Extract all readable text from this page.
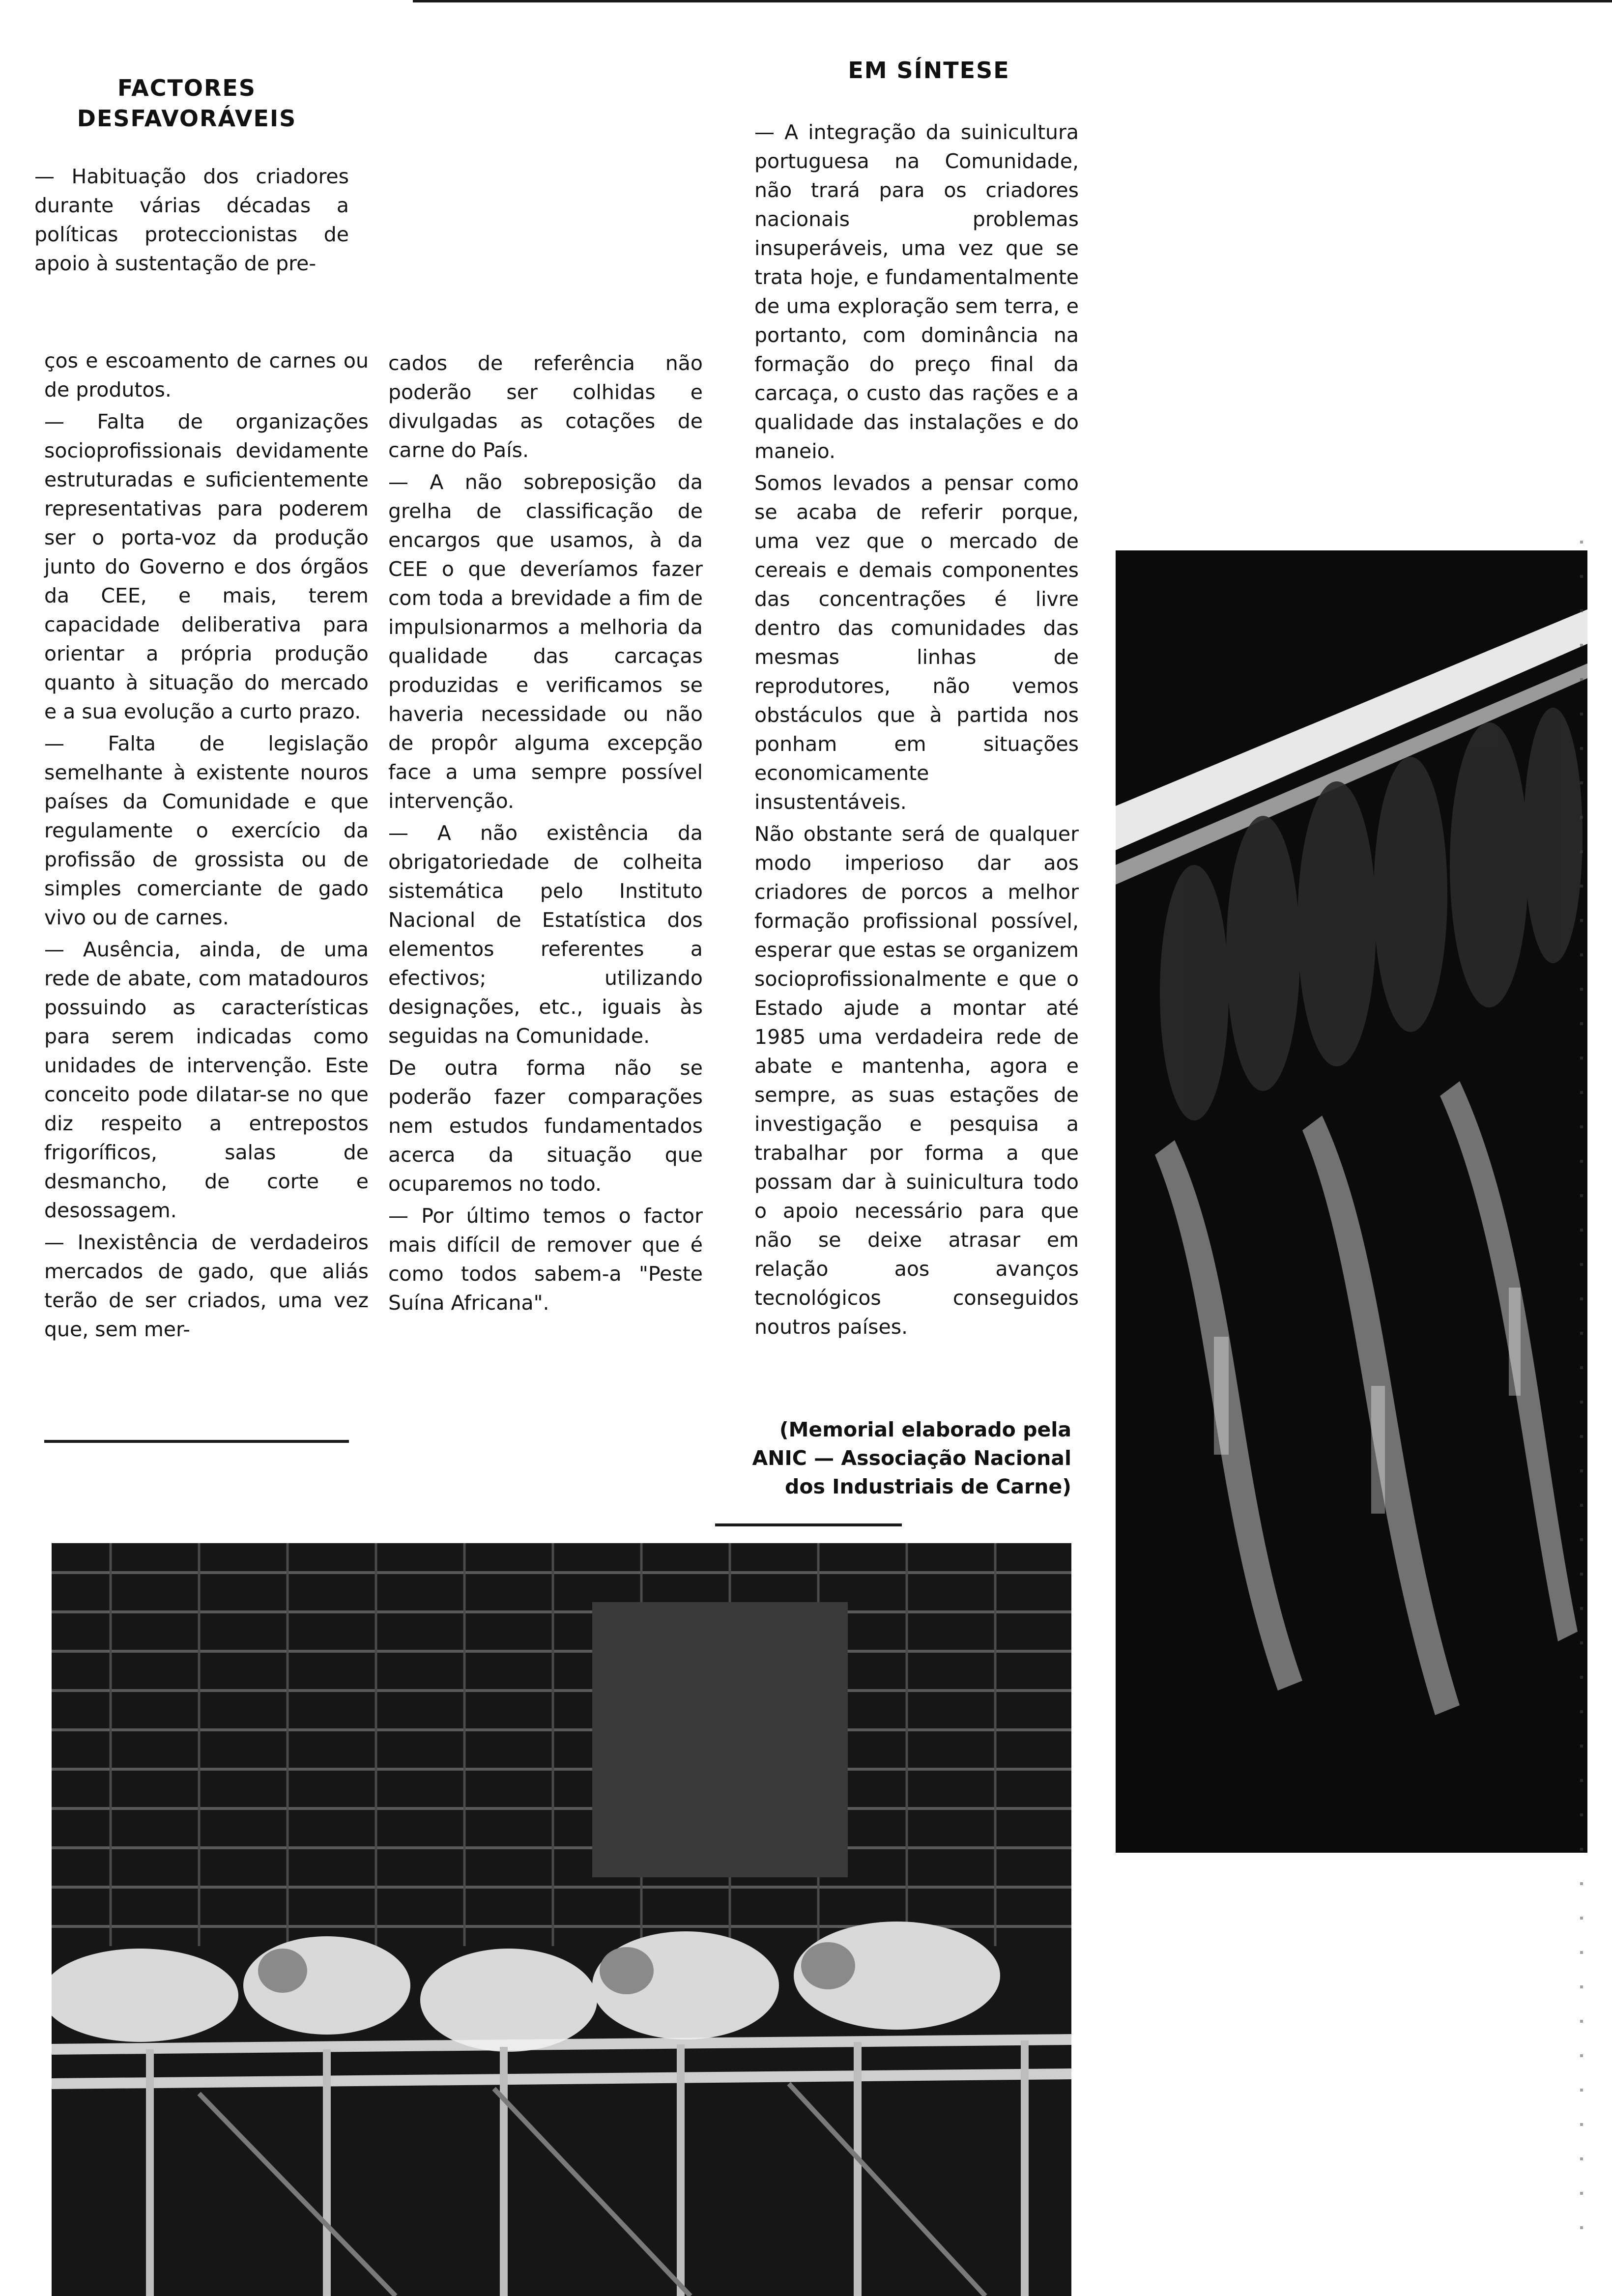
FACTORES
DESFAVORÁVEIS

— Habituação dos criadores durante várias décadas a políticas proteccionistas de apoio à sustentação de pre-

ços e escoamento de carnes ou de produtos.

— Falta de organizações socioprofissionais devidamente estruturadas e suficientemente representativas para poderem ser o porta-voz da produção junto do Governo e dos órgãos da CEE, e mais, terem capacidade deliberativa para orientar a própria produção quanto à situação do mercado e a sua evolução a curto prazo.

— Falta de legislação semelhante à existente nouros países da Comunidade e que regulamente o exercício da profissão de grossista ou de simples comerciante de gado vivo ou de carnes.

— Ausência, ainda, de uma rede de abate, com matadouros possuindo as características para serem indicadas como unidades de intervenção. Este conceito pode dilatar-se no que diz respeito a entrepostos frigoríficos, salas de desmancho, de corte e desossagem.

— Inexistência de verdadeiros mercados de gado, que aliás terão de ser criados, uma vez que, sem mer-

cados de referência não poderão ser colhidas e divulgadas as cotações de carne do País.

— A não sobreposição da grelha de classificação de encargos que usamos, à da CEE o que deveríamos fazer com toda a brevidade a fim de impulsionarmos a melhoria da qualidade das carcaças produzidas e verificamos se haveria necessidade ou não de propôr alguma excepção face a uma sempre possível intervenção.

— A não existência da obrigatoriedade de colheita sistemática pelo Instituto Nacional de Estatística dos elementos referentes a efectivos; utilizando designações, etc., iguais às seguidas na Comunidade.

De outra forma não se poderão fazer comparações nem estudos fundamentados acerca da situação que ocuparemos no todo.

— Por último temos o factor mais difícil de remover que é como todos sabem-a "Peste Suína Africana".

EM SÍNTESE

— A integração da suinicultura portuguesa na Comunidade, não trará para os criadores nacionais problemas insuperáveis, uma vez que se trata hoje, e fundamentalmente de uma exploração sem terra, e portanto, com dominância na formação do preço final da carcaça, o custo das rações e a qualidade das instalações e do maneio.

Somos levados a pensar como se acaba de referir porque, uma vez que o mercado de cereais e demais componentes das concentrações é livre dentro das comunidades das mesmas linhas de reprodutores, não vemos obstáculos que à partida nos ponham em situações economicamente insustentáveis.

Não obstante será de qualquer modo imperioso dar aos criadores de porcos a melhor formação profissional possível, esperar que estas se organizem socioprofissionalmente e que o Estado ajude a montar até 1985 uma verdadeira rede de abate e mantenha, agora e sempre, as suas estações de investigação e pesquisa a trabalhar por forma a que possam dar à suinicultura todo o apoio necessário para que não se deixe atrasar em relação aos avanços tecnológicos conseguidos noutros países.

(Memorial elaborado pela
ANIC — Associação Nacional
dos Industriais de Carne)
